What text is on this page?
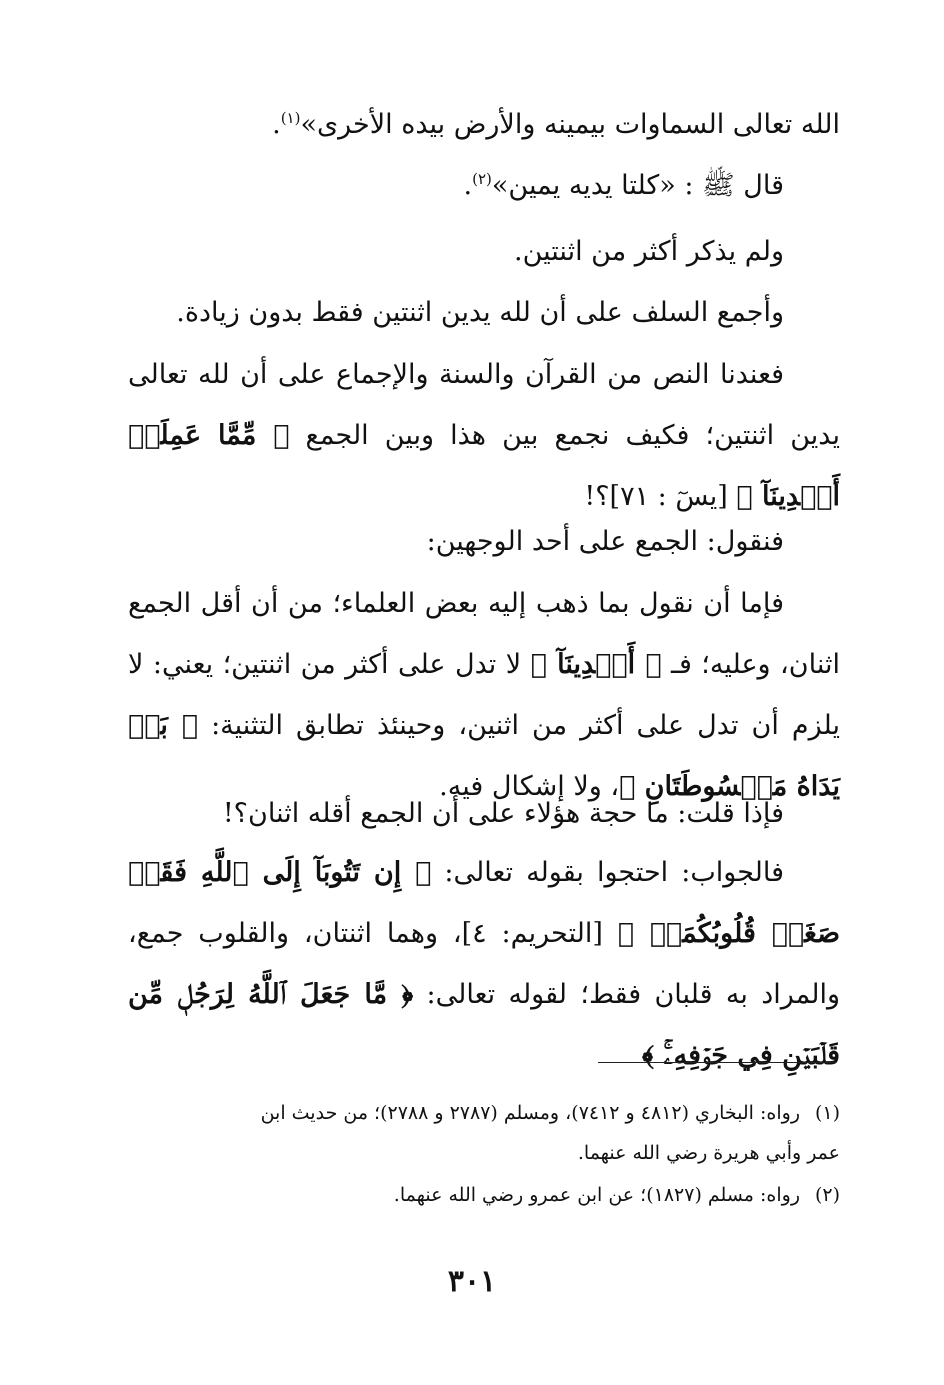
الله تعالى السماوات بيمينه والأرض بيده الأخرى»$^{(١)}$.

قال ﷺ : «كلتا يديه يمين»$^{(٢)}$.

ولم يذكر أكثر من اثنتين.

وأجمع السلف على أن لله يدين اثنتين فقط بدون زيادة.

فعندنا النص من القرآن والسنة والإجماع على أن لله تعالى يدين اثنتين؛ فكيف نجمع بين هذا وبين الجمع ﴿ مِّمَّا عَمِلَتۡ أَيۡدِينَآ ﴾ [يسٓ : ٧١]؟!

فنقول: الجمع على أحد الوجهين:

فإما أن نقول بما ذهب إليه بعض العلماء؛ من أن أقل الجمع اثنان، وعليه؛ فـ ﴿ أَيۡدِينَآ ﴾ لا تدل على أكثر من اثنتين؛ يعني: لا يلزم أن تدل على أكثر من اثنين، وحينئذ تطابق التثنية: ﴿ بَلۡ يَدَاهُ مَبۡسُوطَتَانِ ﴾، ولا إشكال فيه.

فإذا قلت: ما حجة هؤلاء على أن الجمع أقله اثنان؟!

فالجواب: احتجوا بقوله تعالى: ﴿ إِن تَتُوبَآ إِلَى ٱللَّهِ فَقَدۡ صَغَتۡ قُلُوبُكُمَاۖ ﴾ [التحريم: ٤]، وهما اثنتان، والقلوب جمع، والمراد به قلبان فقط؛ لقوله تعالى: ﴿ مَّا جَعَلَ ٱللَّهُ لِرَجُلٖ مِّن قَلۡبَيۡنِ فِي جَوۡفِهِۦۚ ﴾

(١)رواه: البخاري (٤٨١٢ و ٧٤١٢)، ومسلم (٢٧٨٧ و ٢٧٨٨)؛ من حديث ابن

عمر وأبي هريرة رضي الله عنهما.

(٢)رواه: مسلم (١٨٢٧)؛ عن ابن عمرو رضي الله عنهما.

٣٠١
